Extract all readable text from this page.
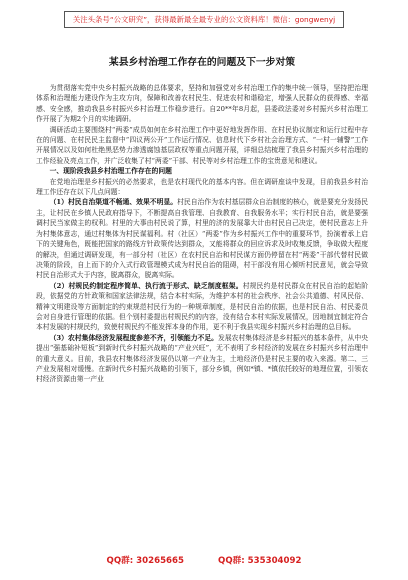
关注头条号“公文研究”，获得最新最全最专业的公文资料库！微信：gongwenyj
某县乡村治理工作存在的问题及下一步对策

为贯彻落实党中央乡村振兴战略的总体要求，坚持和加强党对乡村治理工作的集中统一领导，坚持把治理体系和治理能力建设作为主攻方向，保障和改善农村民生、促进农村和谐稳定，增强人民群众的获得感、幸福感、安全感，推动我县乡村振兴乡村治理工作稳步进行。自20**年8月起，县委政法委对乡村振兴乡村治理工作开展了为期2个月的实地调研。

调研活动主要围绕村“两委”成员如何在乡村治理工作中更好地发挥作用、在村民协议制定和运行过程中存在的问题、在村民民主监督中“四议两公开”工作运行情况、信息时代下乡村社会治理方式、“一村一辅警”工作开展情况以及如何杜绝黑恶势力渗透腐蚀基层政权等重点问题开展，详细总结梳理了我县乡村振兴乡村治理的工作经验及亮点工作，并广泛收集了村“两委”干部、村民等对乡村治理工作的宝贵意见和建议。

一、现阶段我县乡村治理工作存在的问题

在党地治理是乡村振兴的必然要求，也是农村现代化的基本内容。但在调研座谈中发现，目前我县乡村治理工作还存在以下几点问题：

（1）村民自治渠道不畅通、效果不明显。村民自治作为农村基层群众自治制度的核心，就是要充分发扬民主，让村民在乡镇人民政府指导下，不断提高自我管理、自我教育、自我服务水平；实行村民自治，就是要强调村民当家做主的权利。村里的大事由村民说了算，村里的济的发展靠大计由村民自己决定，使村民意志上升为村集体意志，通过村集体为村民谋福利。村（社区）“两委”作为乡村振兴工作中的重要环节，扮演着承上启下的关键角色，既能把国家的路线方针政策传达到群众，又能将群众的回应诉求及时收集反馈，争取做大程度的解决，但通过调研发现，有一部分村（社区）在农村民自治和村民谋方面仍停留在村“两委”干部代替村民做决策的阶段，自上而下的介入式行政管理模式成为村民自治的阻碍，村干部没有用心倾听村民意见，就会导致村民自治形式大于内容，脱离群众，脱离实际。

（2）村规民约制定程序简单、执行流于形式、缺乏制度框架。村规民约是村民群众在村民自治的起始阶段，依据党的方针政策和国家法律法规，结合本村实际，为维护本村的社会秩序、社会公共道德、村风民俗、精神文明建设等方面制定的约束规范村民行为的一种规章制度，是村民自治的依据，也是村民自治、村民委员会对自身进行管理的依据。但个别村委提出村规民约的内容，没有结合本村实际发展情况，因地制宜制定符合本村发展的村规民约，致使村规民约不能发挥本身的作用，更不利于我县实现乡村振兴乡村治理的总目标。

（3）农村集体经济发展程度参差不齐，引领能力不足。发展农村集体经济是乡村振兴的基本条件，从中央提出“强基础补短板”到新时代乡村振兴战略的“产业兴旺”，无不表明了乡村经济的发展在乡村振兴乡村治理中的重大意义。目前，我县农村集体经济发展仍以第一产业为主，土地经济仍是村民主要的收入来源。第二、三产业发展相对缓慢。在新时代乡村振兴战略的引领下，部分乡镇，例如*镇、*镇依托较好的地理位置，引领农村经济资源由第一产业

QQ群: 30265665	QQ群: 535304092
